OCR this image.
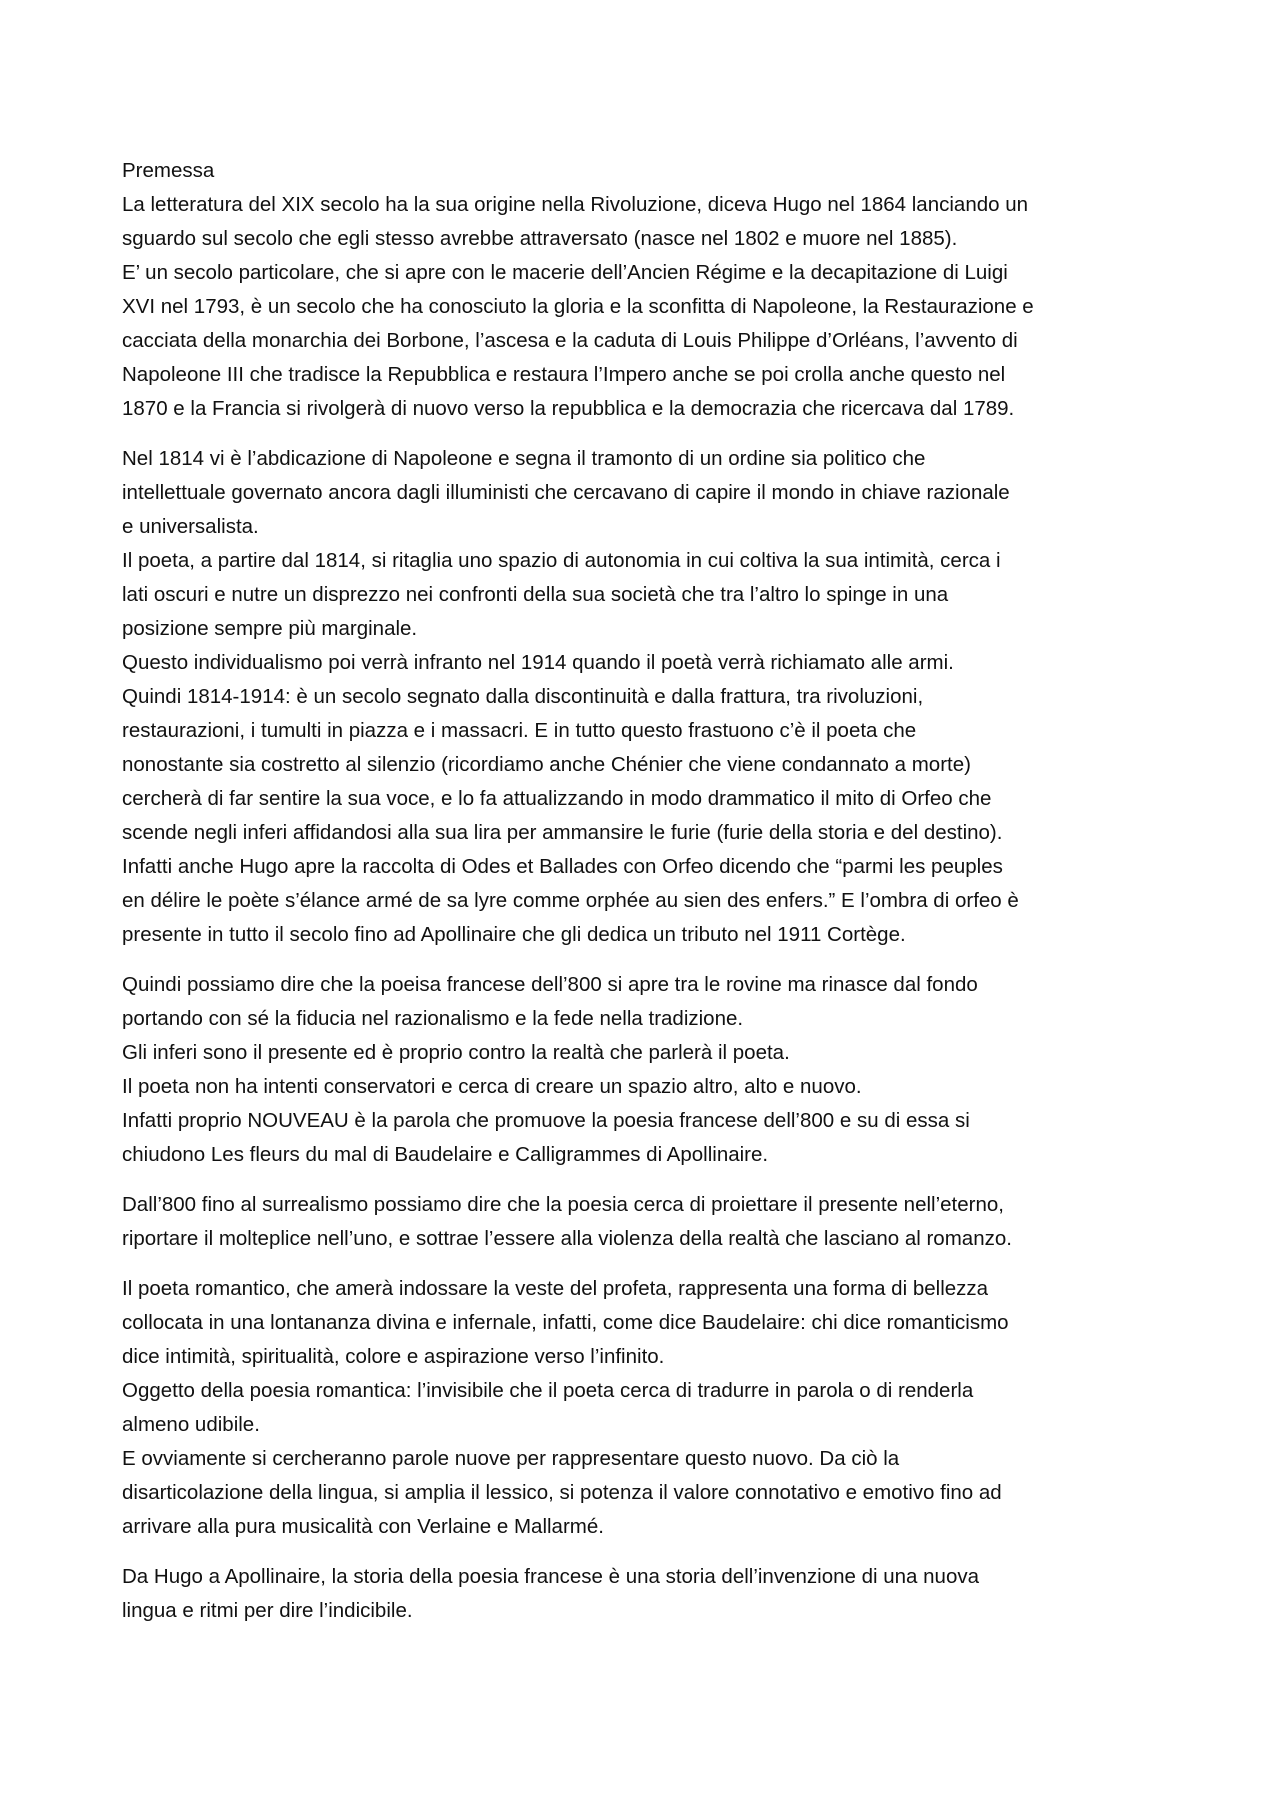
Premessa
La letteratura del XIX secolo ha la sua origine nella Rivoluzione, diceva Hugo nel 1864 lanciando un
sguardo sul secolo che egli stesso avrebbe attraversato (nasce nel 1802 e muore nel 1885).
E’ un secolo particolare, che si apre con le macerie dell’Ancien Régime e la decapitazione di Luigi
XVI nel 1793, è un secolo che ha conosciuto la gloria e la sconfitta di Napoleone, la Restaurazione e
cacciata della monarchia dei Borbone, l’ascesa e la caduta di Louis Philippe d’Orléans, l’avvento di
Napoleone III che tradisce la Repubblica e restaura l’Impero anche se poi crolla anche questo nel
1870 e la Francia si rivolgerà di nuovo verso la repubblica e la democrazia che ricercava dal 1789.

Nel 1814 vi è l’abdicazione di Napoleone e segna il tramonto di un ordine sia politico che
intellettuale governato ancora dagli illuministi che cercavano di capire il mondo in chiave razionale
e universalista.
Il poeta, a partire dal 1814, si ritaglia uno spazio di autonomia in cui coltiva la sua intimità, cerca i
lati oscuri e nutre un disprezzo nei confronti della sua società che tra l’altro lo spinge in una
posizione sempre più marginale.
Questo individualismo poi verrà infranto nel 1914 quando il poetà verrà richiamato alle armi.
Quindi 1814-1914: è un secolo segnato dalla discontinuità e dalla frattura, tra rivoluzioni,
restaurazioni, i tumulti in piazza e i massacri. E in tutto questo frastuono c’è il poeta che
nonostante sia costretto al silenzio (ricordiamo anche Chénier che viene condannato a morte)
cercherà di far sentire la sua voce, e lo fa attualizzando in modo drammatico il mito di Orfeo che
scende negli inferi affidandosi alla sua lira per ammansire le furie (furie della storia e del destino).
Infatti anche Hugo apre la raccolta di Odes et Ballades con Orfeo dicendo che “parmi les peuples
en délire le poète s’élance armé de sa lyre comme orphée au sien des enfers.” E l’ombra di orfeo è
presente in tutto il secolo fino ad Apollinaire che gli dedica un tributo nel 1911 Cortège.

Quindi possiamo dire che la poeisa francese dell’800 si apre tra le rovine ma rinasce dal fondo
portando con sé la fiducia nel razionalismo e la fede nella tradizione.
Gli inferi sono il presente ed è proprio contro la realtà che parlerà il poeta.
Il poeta non ha intenti conservatori e cerca di creare un spazio altro, alto e nuovo.
Infatti proprio NOUVEAU è la parola che promuove la poesia francese dell’800 e su di essa si
chiudono Les fleurs du mal di Baudelaire e Calligrammes di Apollinaire.

Dall’800 fino al surrealismo possiamo dire che la poesia cerca di proiettare il presente nell’eterno,
riportare il molteplice nell’uno, e sottrae l’essere alla violenza della realtà che lasciano al romanzo.

Il poeta romantico, che amerà indossare la veste del profeta, rappresenta una forma di bellezza
collocata in una lontananza divina e infernale, infatti, come dice Baudelaire: chi dice romanticismo
dice intimità, spiritualità, colore e aspirazione verso l’infinito.
Oggetto della poesia romantica: l’invisibile che il poeta cerca di tradurre in parola o di renderla
almeno udibile.
E ovviamente si cercheranno parole nuove per rappresentare questo nuovo. Da ciò la
disarticolazione della lingua, si amplia il lessico, si potenza il valore connotativo e emotivo fino ad
arrivare alla pura musicalità con Verlaine e Mallarmé.

Da Hugo a Apollinaire, la storia della poesia francese è una storia dell’invenzione di una nuova
lingua e ritmi per dire l’indicibile.
